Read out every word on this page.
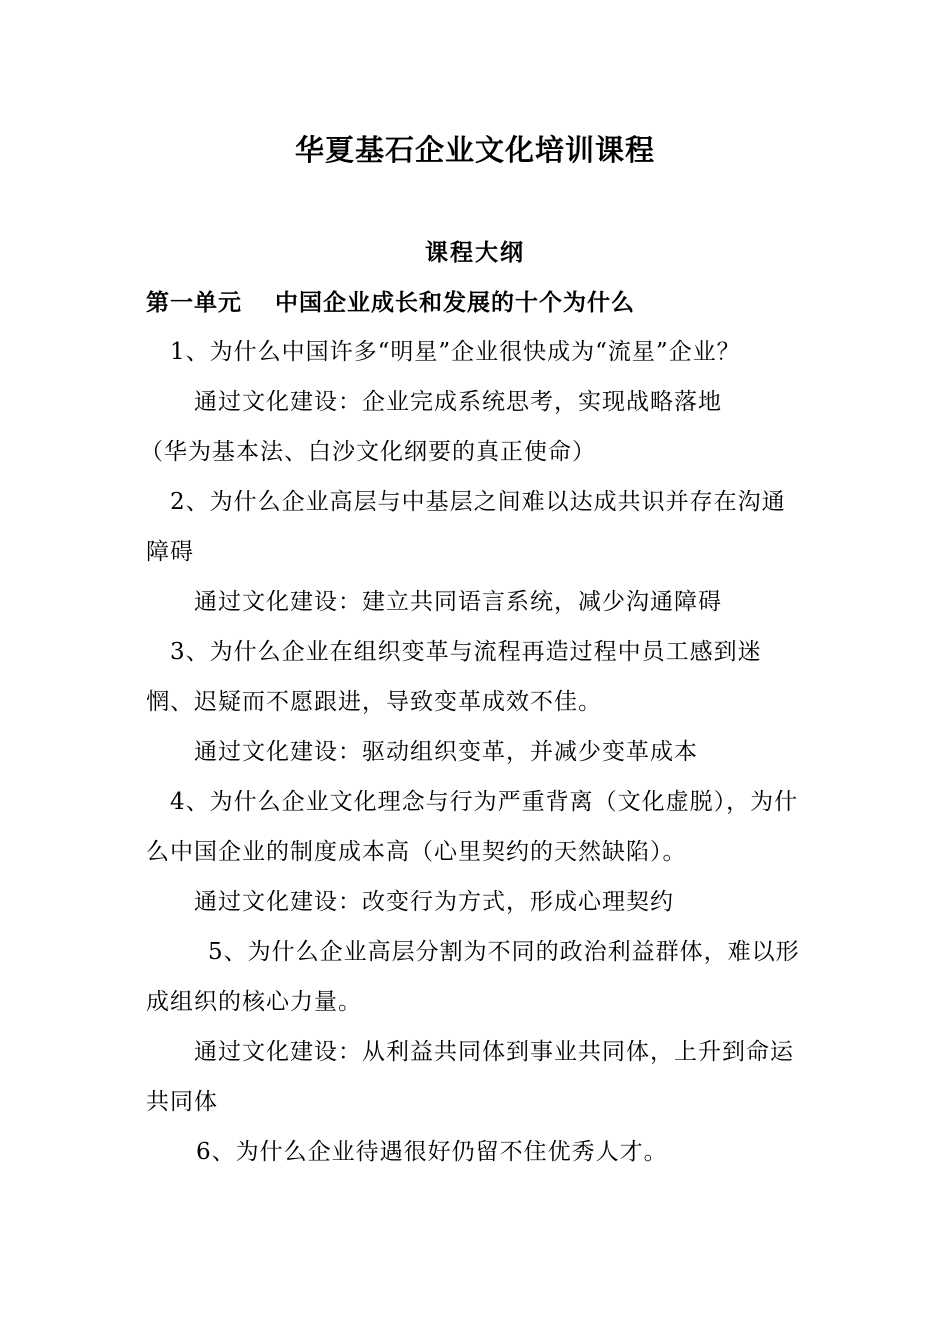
华夏基石企业文化培训课程
课程大纲
第一单元　 中国企业成长和发展的十个为什么

1、为什么中国许多“明星”企业很快成为“流星”企业？

通过文化建设：企业完成系统思考，实现战略落地

（华为基本法、白沙文化纲要的真正使命）

2、为什么企业高层与中基层之间难以达成共识并存在沟通障碍

通过文化建设：建立共同语言系统，减少沟通障碍

3、为什么企业在组织变革与流程再造过程中员工感到迷惘、迟疑而不愿跟进，导致变革成效不佳。

通过文化建设：驱动组织变革，并减少变革成本

4、为什么企业文化理念与行为严重背离（文化虚脱），为什么中国企业的制度成本高（心里契约的天然缺陷）。

通过文化建设：改变行为方式，形成心理契约

5、为什么企业高层分割为不同的政治利益群体，难以形成组织的核心力量。

通过文化建设：从利益共同体到事业共同体，上升到命运共同体

6、为什么企业待遇很好仍留不住优秀人才。
